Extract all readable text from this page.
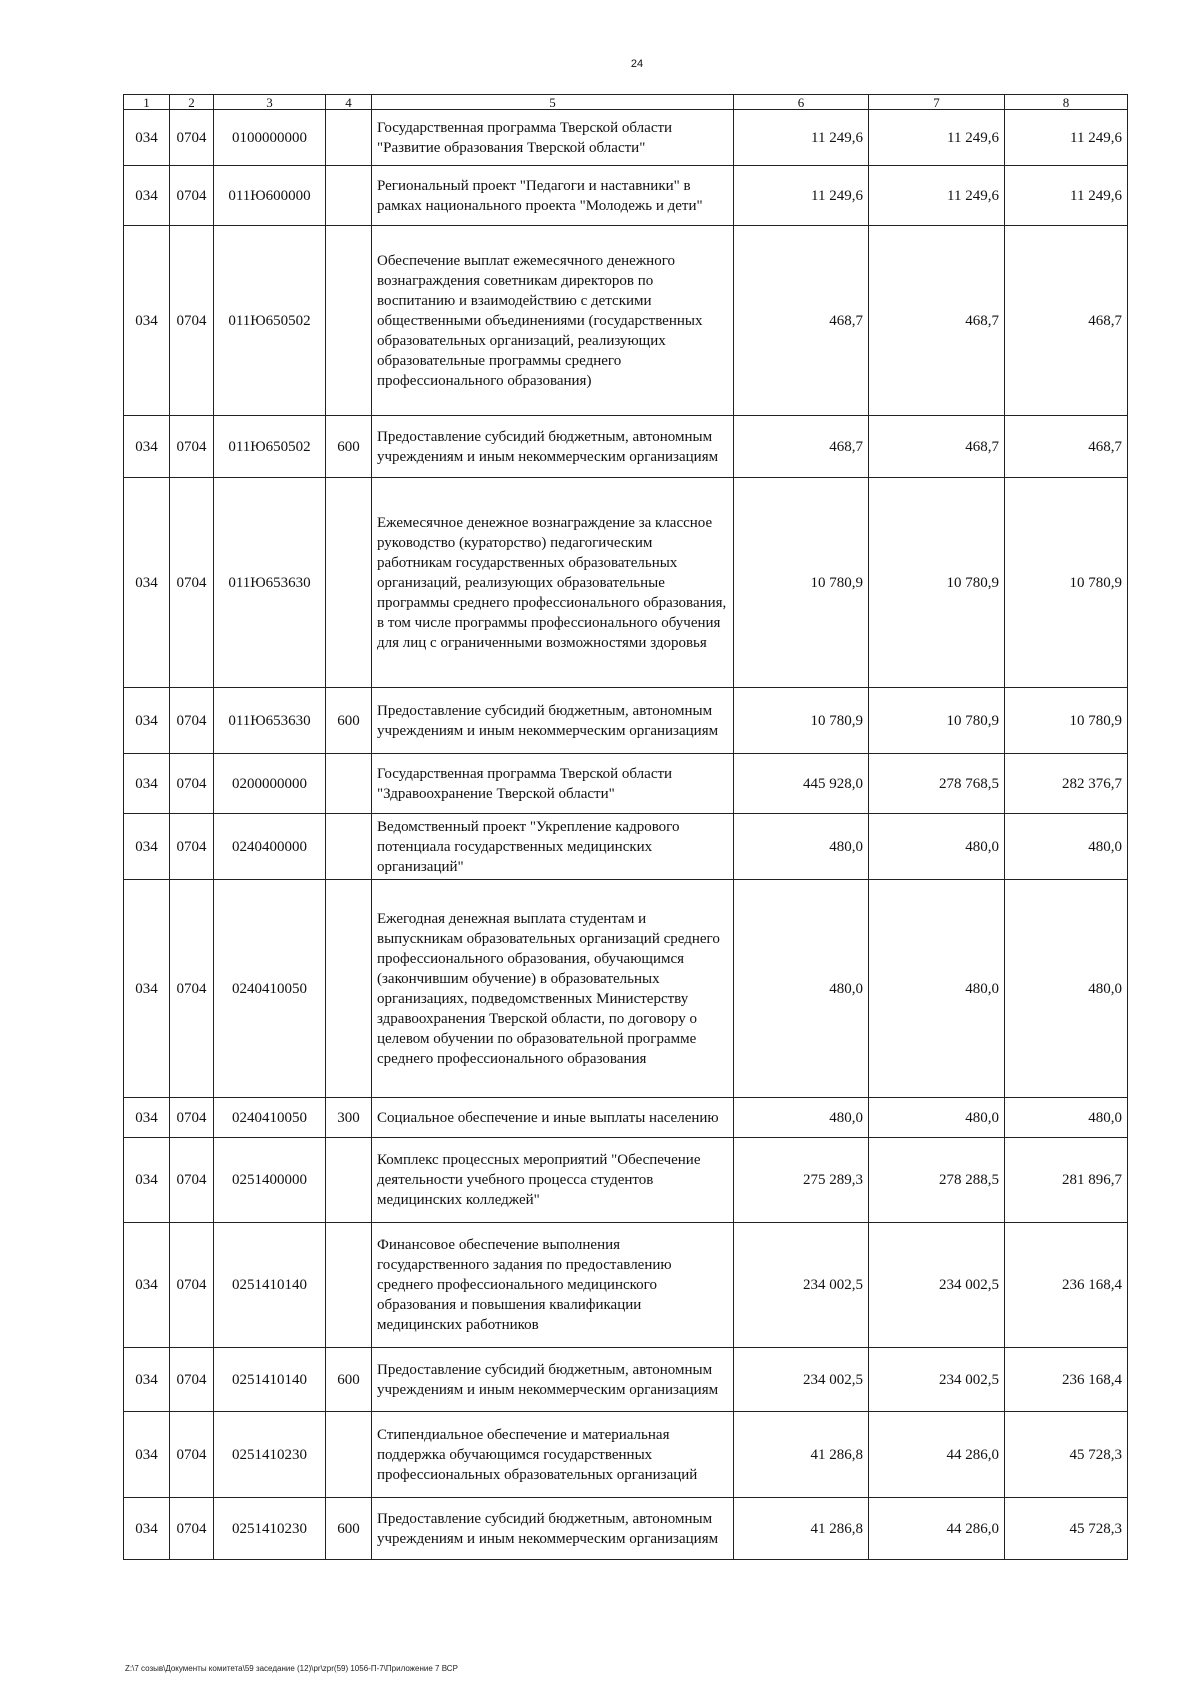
24
1	2	3	4	5	6	7	8
034	0704	0100000000		Государственная программа Тверской области "Развитие образования Тверской области"	11 249,6	11 249,6	11 249,6
034	0704	011Ю600000		Региональный проект "Педагоги и наставники" в рамках национального проекта "Молодежь и дети"	11 249,6	11 249,6	11 249,6
034	0704	011Ю650502		Обеспечение выплат ежемесячного денежного вознаграждения советникам директоров по воспитанию и взаимодействию с детскими общественными объединениями (государственных образовательных организаций, реализующих образовательные программы среднего профессионального образования)	468,7	468,7	468,7
034	0704	011Ю650502	600	Предоставление субсидий бюджетным, автономным учреждениям и иным некоммерческим организациям	468,7	468,7	468,7
034	0704	011Ю653630		Ежемесячное денежное вознаграждение за классное руководство (кураторство) педагогическим работникам государственных образовательных организаций, реализующих образовательные программы среднего профессионального образования, в том числе программы профессионального обучения для лиц с ограниченными возможностями здоровья	10 780,9	10 780,9	10 780,9
034	0704	011Ю653630	600	Предоставление субсидий бюджетным, автономным учреждениям и иным некоммерческим организациям	10 780,9	10 780,9	10 780,9
034	0704	0200000000		Государственная программа Тверской области "Здравоохранение Тверской области"	445 928,0	278 768,5	282 376,7
034	0704	0240400000		Ведомственный проект "Укрепление кадрового потенциала государственных медицинских организаций"	480,0	480,0	480,0
034	0704	0240410050		Ежегодная денежная выплата студентам и выпускникам образовательных организаций среднего профессионального образования, обучающимся (закончившим обучение) в образовательных организациях, подведомственных Министерству здравоохранения Тверской области, по договору о целевом обучении по образовательной программе среднего профессионального образования	480,0	480,0	480,0
034	0704	0240410050	300	Социальное обеспечение и иные выплаты населению	480,0	480,0	480,0
034	0704	0251400000		Комплекс процессных мероприятий "Обеспечение деятельности учебного процесса студентов медицинских колледжей"	275 289,3	278 288,5	281 896,7
034	0704	0251410140		Финансовое обеспечение выполнения государственного задания по предоставлению среднего профессионального медицинского образования и повышения квалификации медицинских работников	234 002,5	234 002,5	236 168,4
034	0704	0251410140	600	Предоставление субсидий бюджетным, автономным учреждениям и иным некоммерческим организациям	234 002,5	234 002,5	236 168,4
034	0704	0251410230		Стипендиальное обеспечение и материальная поддержка обучающимся государственных профессиональных образовательных организаций	41 286,8	44 286,0	45 728,3
034	0704	0251410230	600	Предоставление субсидий бюджетным, автономным учреждениям и иным некоммерческим организациям	41 286,8	44 286,0	45 728,3
Z:\7 созыв\Документы комитета\59 заседание (12)\pr\zpr(59) 1056-П-7\Приложение 7 ВСР
